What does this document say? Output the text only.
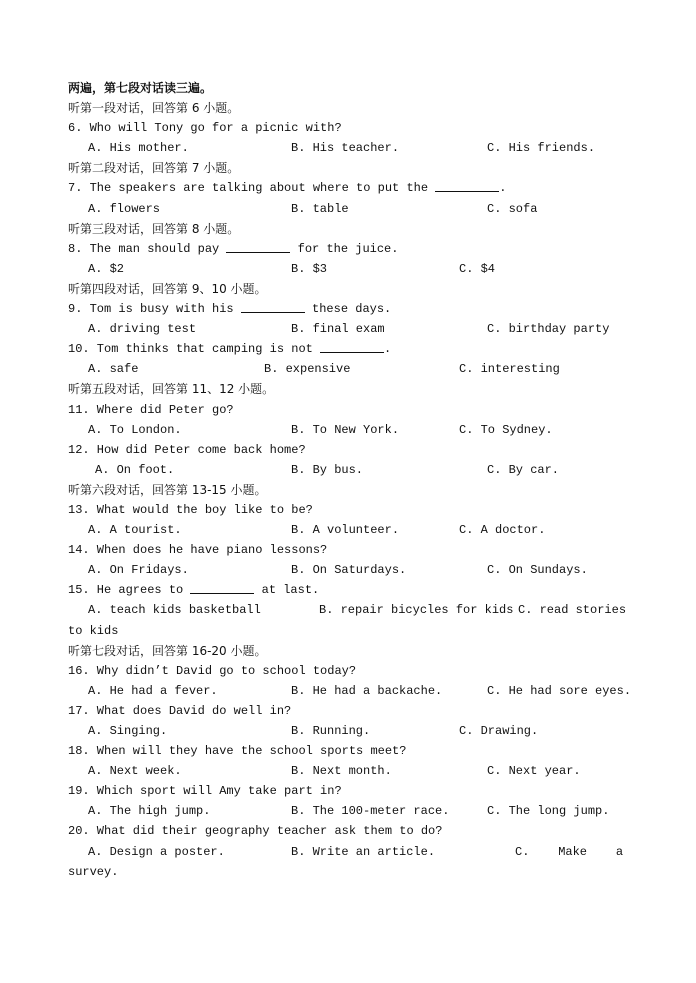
两遍，第七段对话读三遍。
听第一段对话，回答第 6 小题。
6. Who will Tony go for a picnic with?
A. His mother.	B. His teacher.	C. His friends.
听第二段对话，回答第 7 小题。
7. The speakers are talking about where to put the	.
A. flowers	B. table	C. sofa
听第三段对话，回答第 8 小题。
8. The man should pay	for the juice.
A. $2	B. $3	C. $4
听第四段对话，回答第 9、10 小题。
9. Tom is busy with his	these days.
A. driving test	B. final exam	C. birthday party
10. Tom thinks that camping is not	.
A. safe	B. expensive	C. interesting
听第五段对话，回答第 11、12 小题。
11. Where did Peter go?
A. To London.	B. To New York.	C. To Sydney.
12. How did Peter come back home?
A. On foot.	B. By bus.	C. By car.
听第六段对话，回答第 13-15 小题。
13. What would the boy like to be?
A. A tourist.	B. A volunteer.	C. A doctor.
14. When does he have piano lessons?
A. On Fridays.	B. On Saturdays.	C. On Sundays.
15. He agrees to	at last.
A. teach kids basketball	B. repair bicycles for kids C. read stories
to kids
听第七段对话，回答第 16-20 小题。
16. Why didn’t David go to school today?
A. He had a fever.	B. He had a backache.	C. He had sore eyes.
17. What does David do well in?
A. Singing.	B. Running.	C. Drawing.
18. When will they have the school sports meet?
A. Next week.	B. Next month.	C. Next year.
19. Which sport will Amy take part in?
A. The high jump.	B. The 100-meter race.	C. The long jump.
20. What did their geography teacher ask them to do?
A. Design a poster.	B. Write an article.	C.    Make    a
survey.
